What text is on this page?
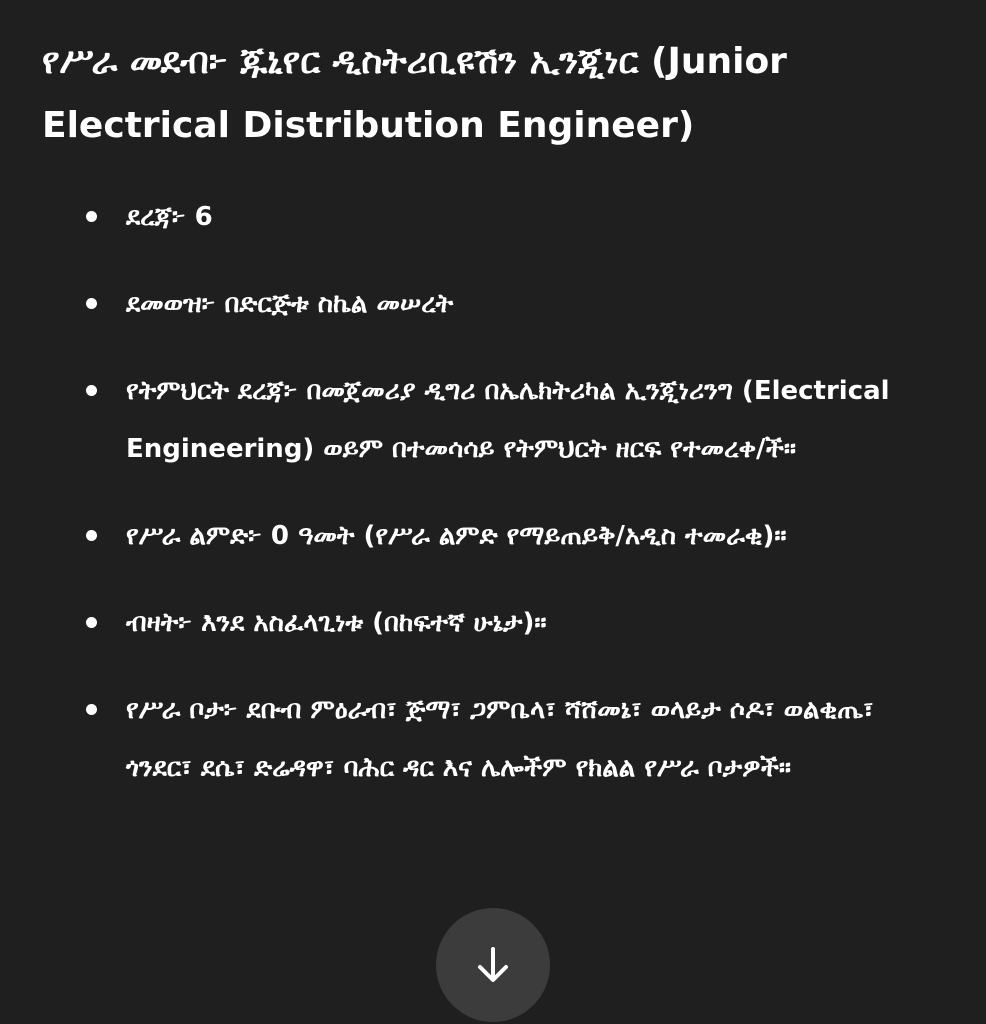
የሥራ መደብ፦ ጁኒየር ዲስትሪቢዩሽን ኢንጂነር (Junior Electrical Distribution Engineer)
ደረጃ፦ 6
ደመወዝ፦ በድርጅቱ ስኬል መሠረት
የትምህርት ደረጃ፦ በመጀመሪያ ዲግሪ በኤሌክትሪካል ኢንጂነሪንግ (Electrical Engineering) ወይም በተመሳሳይ የትምህርት ዘርፍ የተመረቀ/ች።
የሥራ ልምድ፦ 0 ዓመት (የሥራ ልምድ የማይጠይቅ/አዲስ ተመራቂ)።
ብዛት፦ እንደ አስፈላጊነቱ (በከፍተኛ ሁኔታ)።
የሥራ ቦታ፦ ደቡብ ምዕራብ፣ ጅማ፣ ጋምቤላ፣ ሻሸመኔ፣ ወላይታ ሶዶ፣ ወልቂጤ፣ ጎንደር፣ ደሴ፣ ድሬዳዋ፣ ባሕር ዳር እና ሌሎችም የክልል የሥራ ቦታዎች።
